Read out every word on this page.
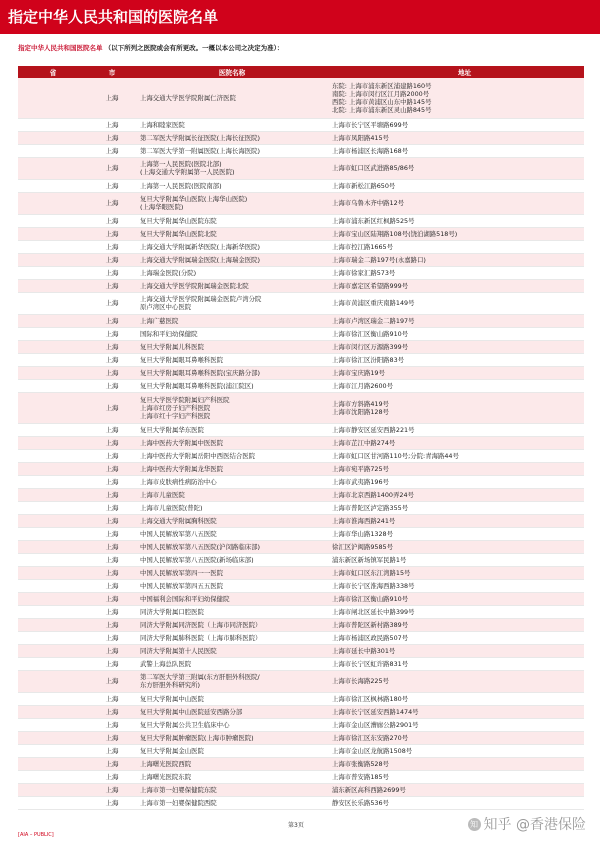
指定中华人民共和国的医院名单
指定中华人民共和国医院名单 （以下所列之医院或会有所更改。一概以本公司之决定为准）：
省	市	医院名称	地址
	上海	上海交通大学医学院附属仁济医院	东院: 上海市浦东新区浦建路160号
南院: 上海市闵行区江月路2000号
西院: 上海市黄浦区山东中路145号
北院: 上海市浦东新区灵山路845号

	上海	上海和睦家医院	上海市长宁区平塘路699号

	上海	第二军医大学附属长征医院(上海长征医院)	上海市凤阳路415号

	上海	第二军医大学第一附属医院(上海长海医院)	上海市杨浦区长海路168号

	上海	上海第一人民医院(医院北部)
(上海交通大学附属第一人民医院)	上海市虹口区武进路85/86号

	上海	上海第一人民医院(医院南部)	上海市新松江路650号

	上海	复旦大学附属华山医院(上海华山医院)
(上海华眼医院)	上海市乌鲁木齐中路12号

	上海	复旦大学附属华山医院东院	上海市浦东新区红枫路525号

	上海	复旦大学附属华山医院北院	上海市宝山区陆翔路108号(饶泊湖路518号)

	上海	上海交通大学附属新华医院(上海新华医院)	上海市控江路1665号

	上海	上海交通大学附属瑞金医院(上海瑞金医院)	上海市瑞金二路197号(永嘉路口)

	上海	上海瑞金医院(分院)	上海市徐家汇路573号

	上海	上海交通大学医学院附属瑞金医院北院	上海市嘉定区希望路999号

	上海	上海交通大学医学院附属瑞金医院卢湾分院
原卢湾区中心医院	上海市黄浦区重庆南路149号

	上海	上海广慈医院	上海市卢湾区瑞金二路197号

	上海	国际和平妇幼保健院	上海市徐汇区衡山路910号

	上海	复旦大学附属儿科医院	上海市闵行区万源路399号

	上海	复旦大学附属眼耳鼻喉科医院	上海市徐汇区汾阳路83号

	上海	复旦大学附属眼耳鼻喉科医院(宝庆路分部)	上海市宝庆路19号

	上海	复旦大学附属眼耳鼻喉科医院(浦江院区)	上海市江月路2600号

	上海	复旦大学医学院附属妇产科医院
上海市红房子妇产科医院
上海市红十字妇产科医院	上海市方斜路419号
上海市沈阳路128号

	上海	复旦大学附属华东医院	上海市静安区延安西路221号

	上海	上海中医药大学附属中医医院	上海市芷江中路274号

	上海	上海中医药大学附属岳阳中西医结合医院	上海市虹口区甘河路110号;分院:青海路44号

	上海	上海中医药大学附属龙华医院	上海市宛平路725号

	上海	上海市皮肤病性病防治中心	上海市武夷路196号

	上海	上海市儿童医院	上海市北京西路1400弄24号

	上海	上海市儿童医院(普陀)	上海市普陀区泸定路355号

	上海	上海交通大学附属胸科医院	上海市淮海西路241号

	上海	中国人民解放军第八五医院	上海市华山路1328号

	上海	中国人民解放军第八五医院(沪闵路临床部)	徐汇区沪闽路9585号

	上海	中国人民解放军第八五医院(新场临床部)	浦东新区新场镇军民路1号

	上海	中国人民解放军第四一一医院	上海市虹口区东江湾路15号

	上海	中国人民解放军第四五五医院	上海市长宁区淮海西路338号

	上海	中国福利会国际和平妇幼保健院	上海市徐汇区衡山路910号

	上海	同济大学附属口腔医院	上海市闸北区延长中路399号

	上海	同济大学附属同济医院（上海市同济医院）	上海市普陀区新村路389号

	上海	同济大学附属肺科医院（上海市肺科医院）	上海市杨浦区政民路507号

	上海	同济大学附属第十人民医院	上海市延长中路301号

	上海	武警上海总队医院	上海市长宁区虹许路831号

	上海	第二军医大学第三附属(东方肝胆外科医院/
东方肝胆外科研究所)	上海市长海路225号

	上海	复旦大学附属中山医院	上海市徐汇区枫林路180号

	上海	复旦大学附属中山医院延安西路分部	上海市长宁区延安西路1474号

	上海	复旦大学附属公共卫生临床中心	上海市金山区漕廊公路2901号

	上海	复旦大学附属肿瘤医院(上海市肿瘤医院)	上海市徐汇区东安路270号

	上海	复旦大学附属金山医院	上海市金山区龙航路1508号

	上海	上海曙光医院西院	上海市张衡路528号

	上海	上海曙光医院东院	上海市普安路185号

	上海	上海市第一妇婴保健院东院	浦东新区高科西路2699号

	上海	上海市第一妇婴保健院西院	静安区长乐路536号
[AIA – PUBLIC]
第3页	知 知乎 @香港保险
